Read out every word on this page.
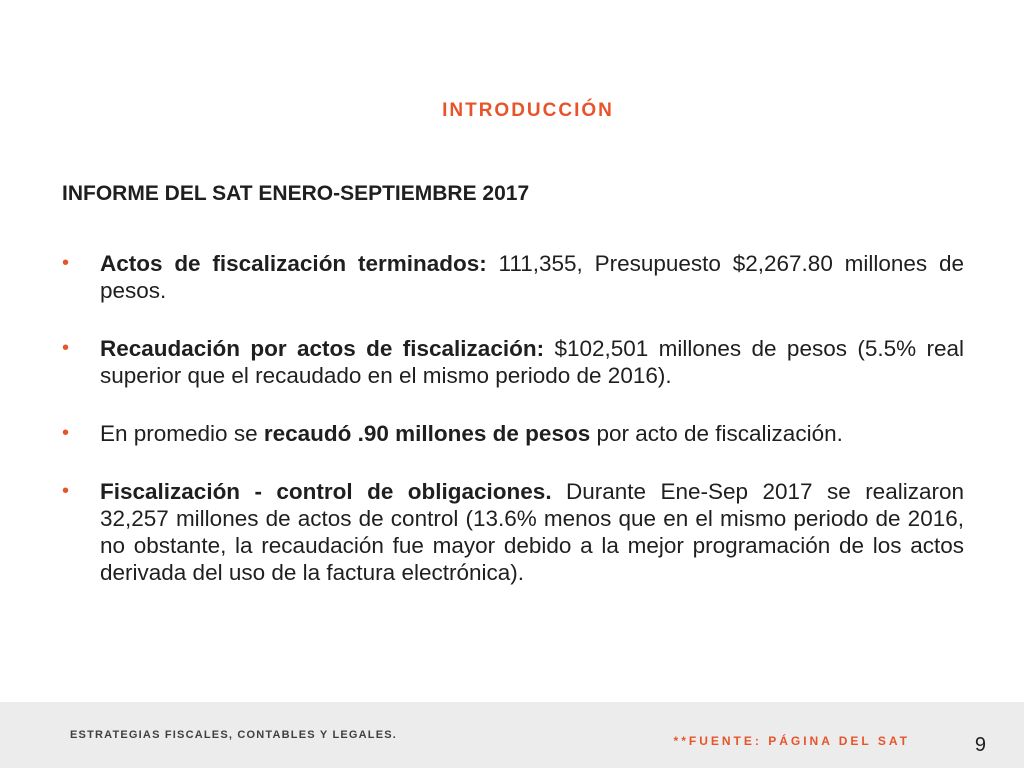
INTRODUCCIÓN
INFORME DEL SAT ENERO-SEPTIEMBRE 2017
• Actos de fiscalización terminados: 111,355, Presupuesto $2,267.80 millones de pesos.
• Recaudación por actos de fiscalización: $102,501 millones de pesos (5.5% real superior que el recaudado en el mismo periodo de 2016).
• En promedio se recaudó .90 millones de pesos por acto de fiscalización.
• Fiscalización - control de obligaciones. Durante Ene-Sep 2017 se realizaron 32,257 millones de actos de control (13.6% menos que en el mismo periodo de 2016, no obstante, la recaudación fue mayor debido a la mejor programación de los actos derivada del uso de la factura electrónica).
ESTRATEGIAS FISCALES, CONTABLES Y LEGALES.	**FUENTE: PÁGINA DEL SAT	9
